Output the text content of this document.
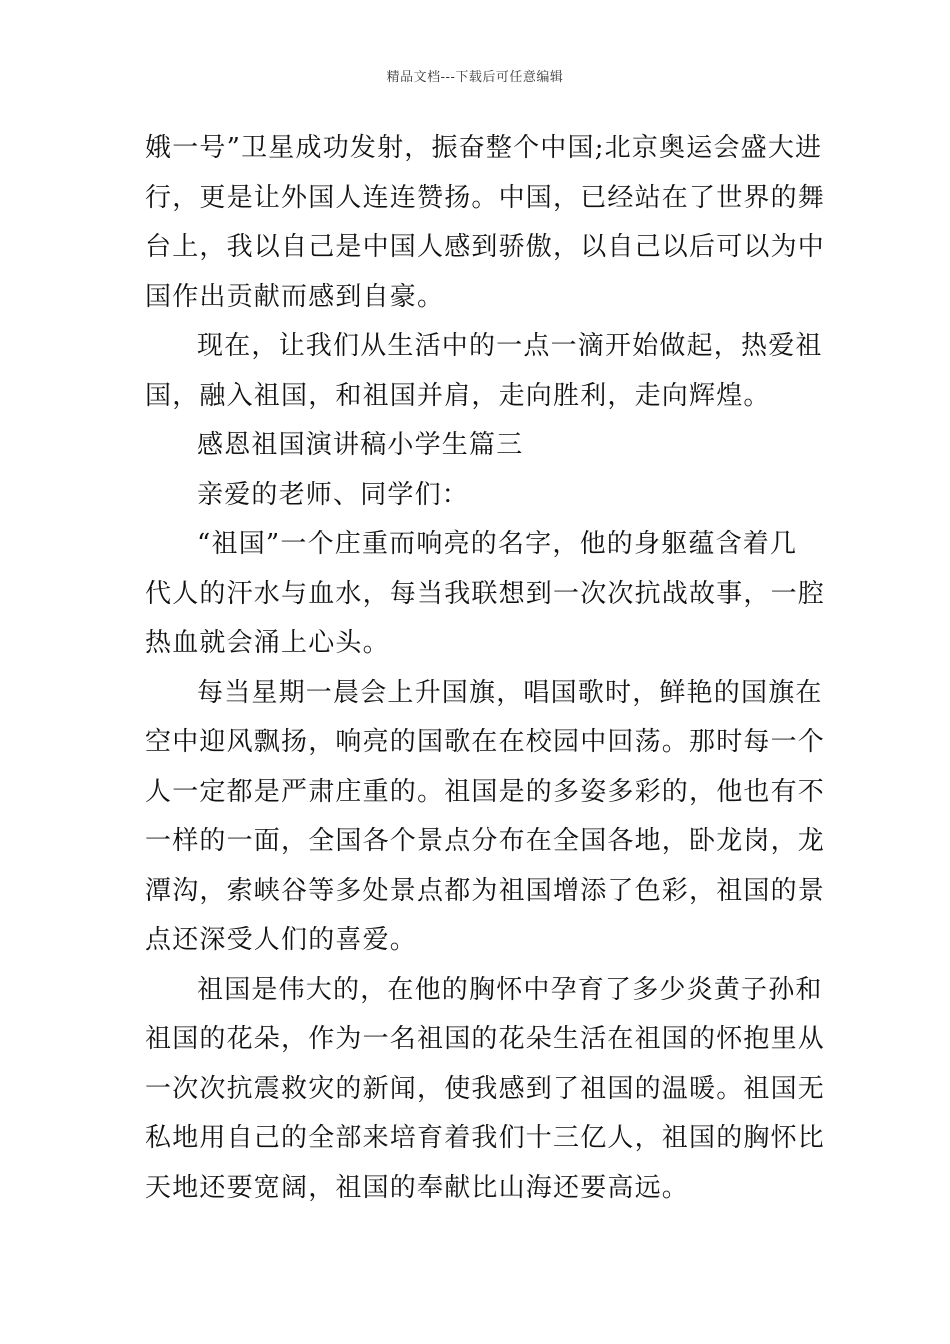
精品文档---下载后可任意编辑
娥一号”卫星成功发射，振奋整个中国;北京奥运会盛大进
行，更是让外国人连连赞扬。中国，已经站在了世界的舞
台上，我以自己是中国人感到骄傲，以自己以后可以为中
国作出贡献而感到自豪。
现在，让我们从生活中的一点一滴开始做起，热爱祖
国，融入祖国，和祖国并肩，走向胜利，走向辉煌。
感恩祖国演讲稿小学生篇三
亲爱的老师、同学们：
“祖国”一个庄重而响亮的名字，他的身躯蕴含着几
代人的汗水与血水，每当我联想到一次次抗战故事，一腔
热血就会涌上心头。
每当星期一晨会上升国旗，唱国歌时，鲜艳的国旗在
空中迎风飘扬，响亮的国歌在在校园中回荡。那时每一个
人一定都是严肃庄重的。祖国是的多姿多彩的，他也有不
一样的一面，全国各个景点分布在全国各地，卧龙岗，龙
潭沟，索峡谷等多处景点都为祖国增添了色彩，祖国的景
点还深受人们的喜爱。
祖国是伟大的，在他的胸怀中孕育了多少炎黄子孙和
祖国的花朵，作为一名祖国的花朵生活在祖国的怀抱里从
一次次抗震救灾的新闻，使我感到了祖国的温暖。祖国无
私地用自己的全部来培育着我们十三亿人，祖国的胸怀比
天地还要宽阔，祖国的奉献比山海还要高远。
